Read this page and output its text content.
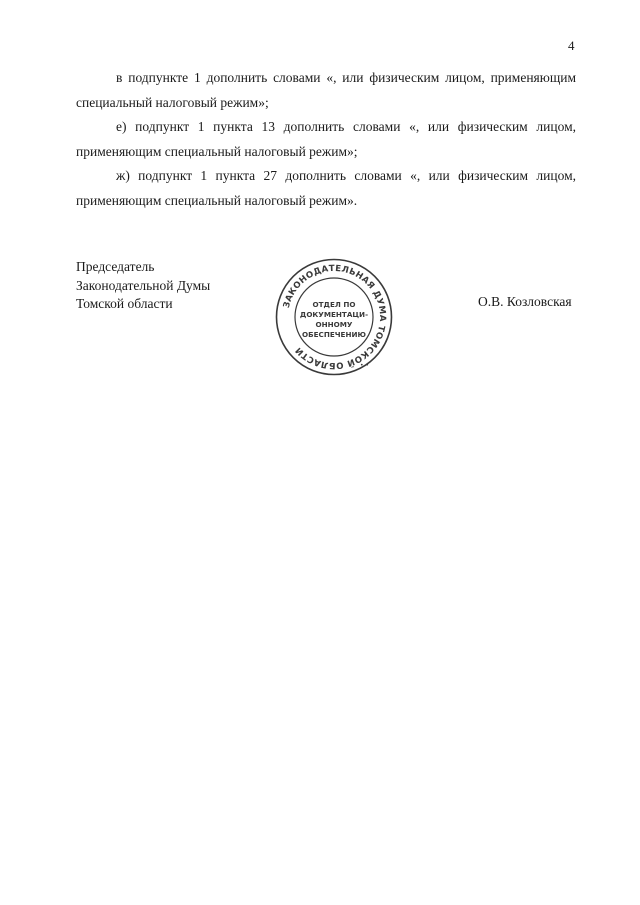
4

в подпункте 1 дополнить словами «, или физическим лицом, применяющим специальный налоговый режим»;

е) подпункт 1 пункта 13 дополнить словами «, или физическим лицом, применяющим специальный налоговый режим»;

ж) подпункт 1 пункта 27 дополнить словами «, или физическим лицом, применяющим специальный налоговый режим».

Председатель
Законодательной Думы
Томской области	О.В. Козловская
ЗАКОНОДАТЕЛЬНАЯ ДУМА ТОМСКОЙ ОБЛАСТИ
• •
ОТДЕЛ ПО
ДОКУМЕНТАЦИ-
ОННОМУ
ОБЕСПЕЧЕНИЮ
